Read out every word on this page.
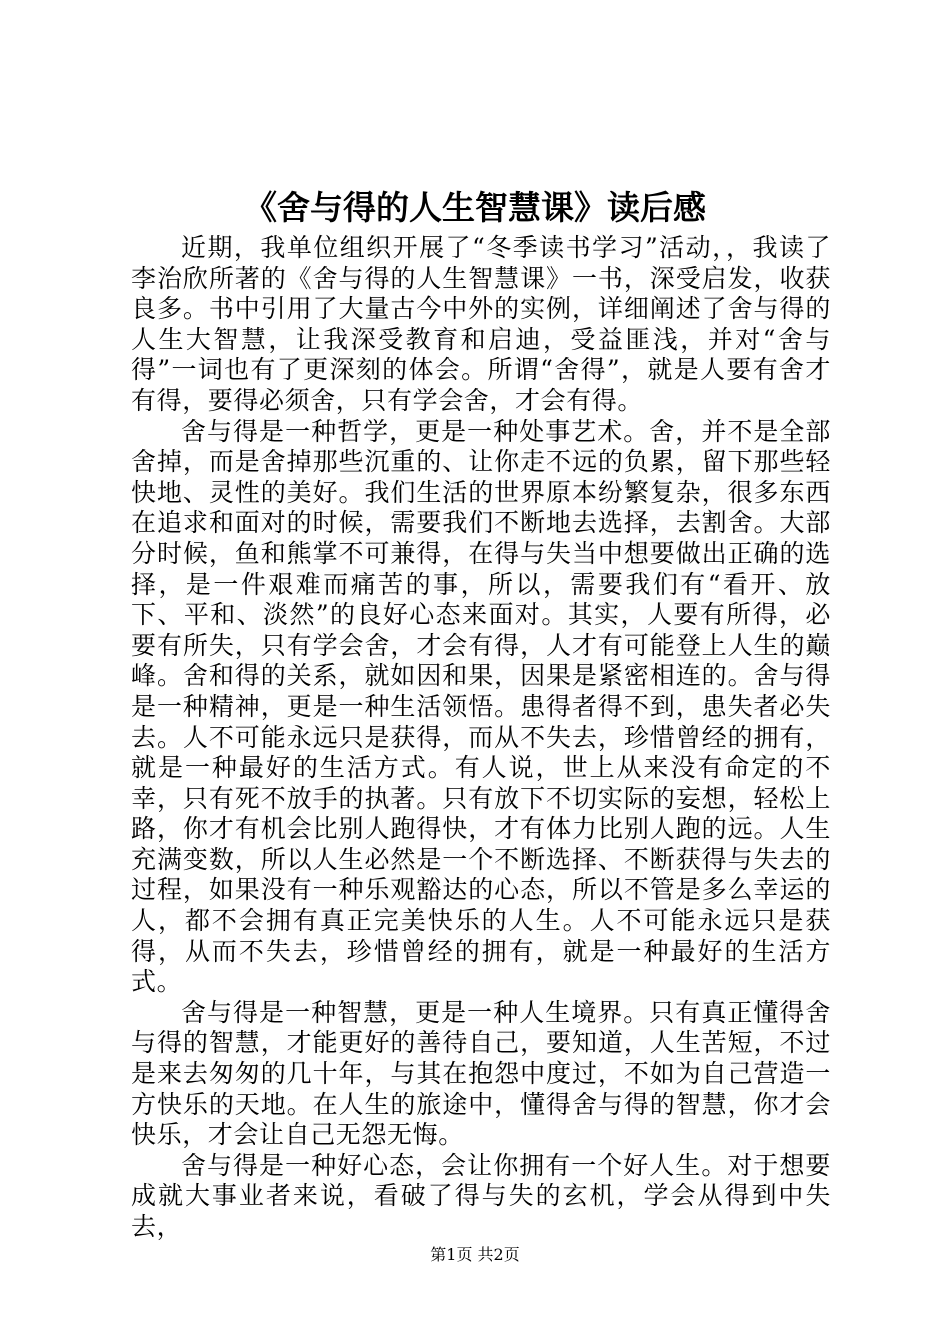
《舍与得的人生智慧课》读后感

近期，我单位组织开展了“冬季读书学习”活动，，我读了李治欣所著的《舍与得的人生智慧课》一书，深受启发，收获良多。书中引用了大量古今中外的实例，详细阐述了舍与得的人生大智慧，让我深受教育和启迪，受益匪浅，并对“舍与得”一词也有了更深刻的体会。所谓“舍得”，就是人要有舍才有得，要得必须舍，只有学会舍，才会有得。

舍与得是一种哲学，更是一种处事艺术。舍，并不是全部舍掉，而是舍掉那些沉重的、让你走不远的负累，留下那些轻快地、灵性的美好。我们生活的世界原本纷繁复杂，很多东西在追求和面对的时候，需要我们不断地去选择，去割舍。大部分时候，鱼和熊掌不可兼得，在得与失当中想要做出正确的选择，是一件艰难而痛苦的事，所以，需要我们有“看开、放下、平和、淡然”的良好心态来面对。其实，人要有所得，必要有所失，只有学会舍，才会有得，人才有可能登上人生的巅峰。舍和得的关系，就如因和果，因果是紧密相连的。舍与得是一种精神，更是一种生活领悟。患得者得不到，患失者必失去。人不可能永远只是获得，而从不失去，珍惜曾经的拥有，就是一种最好的生活方式。有人说，世上从来没有命定的不幸，只有死不放手的执著。只有放下不切实际的妄想，轻松上路，你才有机会比别人跑得快，才有体力比别人跑的远。人生充满变数，所以人生必然是一个不断选择、不断获得与失去的过程，如果没有一种乐观豁达的心态，所以不管是多么幸运的人，都不会拥有真正完美快乐的人生。人不可能永远只是获得，从而不失去，珍惜曾经的拥有，就是一种最好的生活方式。

舍与得是一种智慧，更是一种人生境界。只有真正懂得舍与得的智慧，才能更好的善待自己，要知道，人生苦短，不过是来去匆匆的几十年，与其在抱怨中度过，不如为自己营造一方快乐的天地。在人生的旅途中，懂得舍与得的智慧，你才会快乐，才会让自己无怨无悔。

舍与得是一种好心态，会让你拥有一个好人生。对于想要成就大事业者来说，看破了得与失的玄机，学会从得到中失去，

第1页 共2页
